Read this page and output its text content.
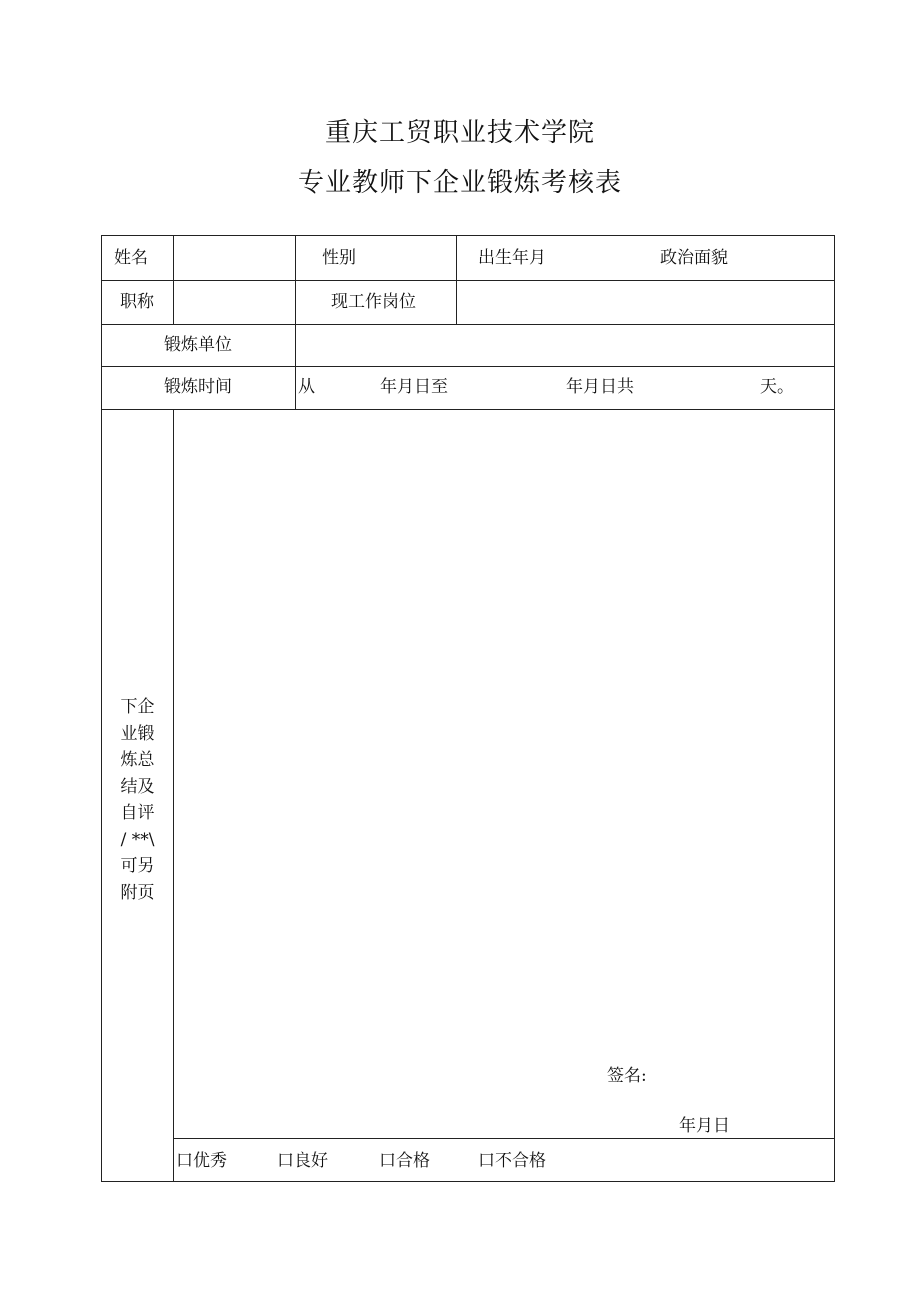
重庆工贸职业技术学院
专业教师下企业锻炼考核表
姓名	性别	出生年月	政治面貌
职称	现工作岗位
锻炼单位
锻炼时间	从	年月日至	年月日共	天。
下企
业锻
炼总
结及
自评
/ **\
可另
附页
签名:
年月日
口优秀	口良好	口合格	口不合格
